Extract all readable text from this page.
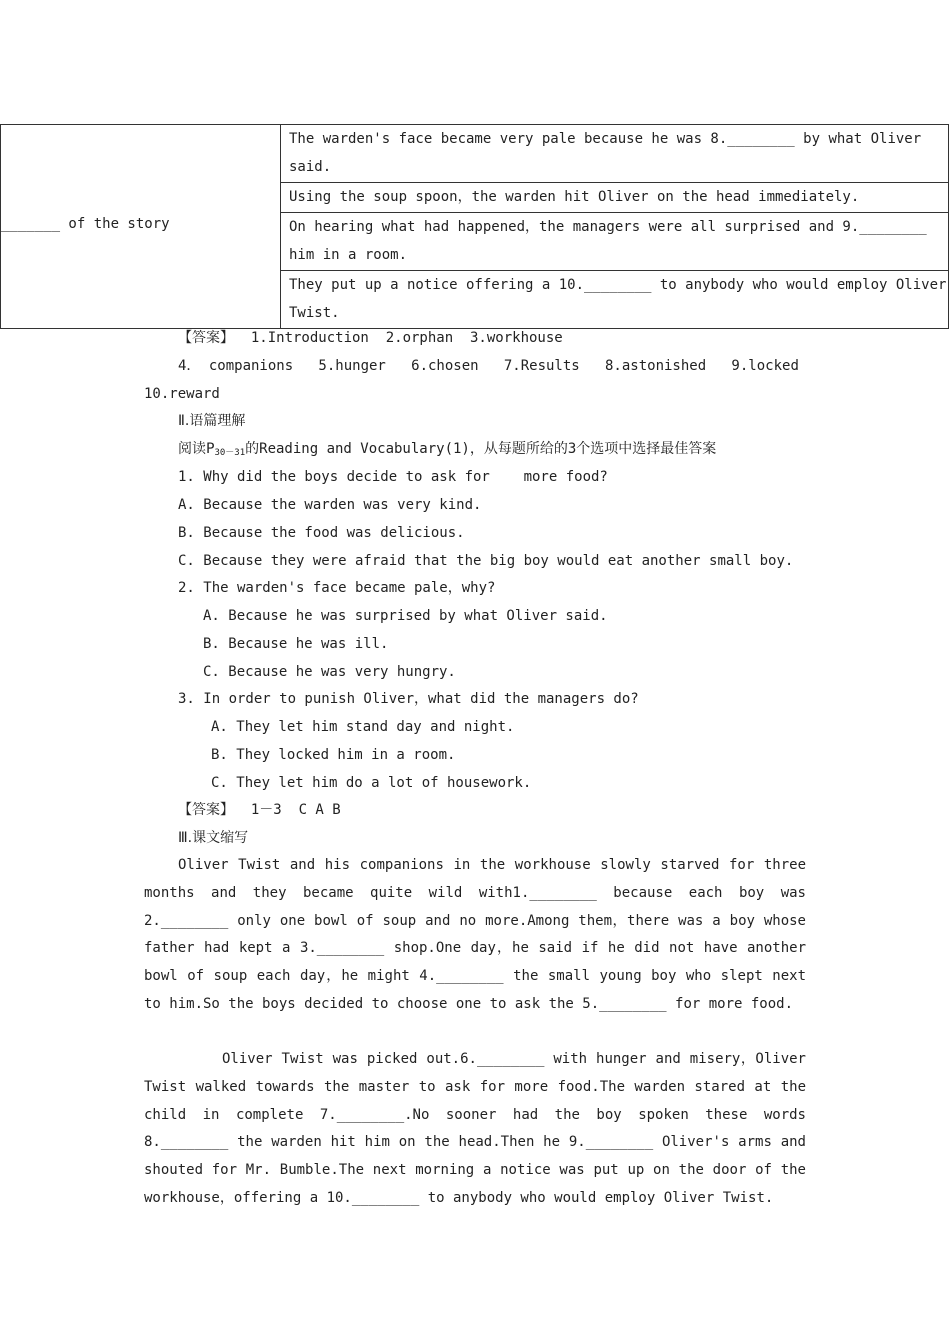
_______ of the story
	The warden's face became very pale because he was 8.________ by what Oliver said.
Using the soup spoon，the warden hit Oliver on the head immediately.
On hearing what had happened，the managers were all surprised and 9.________ him in a room.
They put up a notice offering a 10.________ to anybody who would employ Oliver Twist.
【答案】 1.Introduction  2.orphan  3.workhouse
4． companions   5.hunger   6.chosen   7.Results   8.astonished   9.locked
10.reward
Ⅱ.语篇理解
阅读$P_{30-31}$的Reading and Vocabulary(1)，从每题所给的3个选项中选择最佳答案
1. Why did the boys decide to ask for    more food?
A. Because the warden was very kind.
B. Because the food was delicious.
C. Because they were afraid that the big boy would eat another small boy.
2. The warden's face became pale，why?
A. Because he was surprised by what Oliver said.
B. Because he was ill.
C. Because he was very hungry.
3. In order to punish Oliver，what did the managers do?
A. They let him stand day and night.
B. They locked him in a room.
C. They let him do a lot of housework.
【答案】 1－3  C A B
Ⅲ.课文缩写
Oliver Twist and his companions in the workhouse slowly starved for three months and they became quite wild with1.________ because each boy was 2.________ only one bowl of soup and no more.Among them，there was a boy whose father had kept a 3.________ shop.One day，he said if he did not have another bowl of soup each day，he might 4.________ the small young boy who slept next to him.So the boys decided to choose one to ask the 5.________ for more food.
Oliver Twist was picked out.6.________ with hunger and misery，Oliver Twist walked towards the master to ask for more food.The warden stared at the child in complete 7.________.No sooner had the boy spoken these words 8.________ the warden hit him on the head.Then he 9.________ Oliver's arms and shouted for Mr. Bumble.The next morning a notice was put up on the door of the workhouse，offering a 10.________ to anybody who would employ Oliver Twist.
